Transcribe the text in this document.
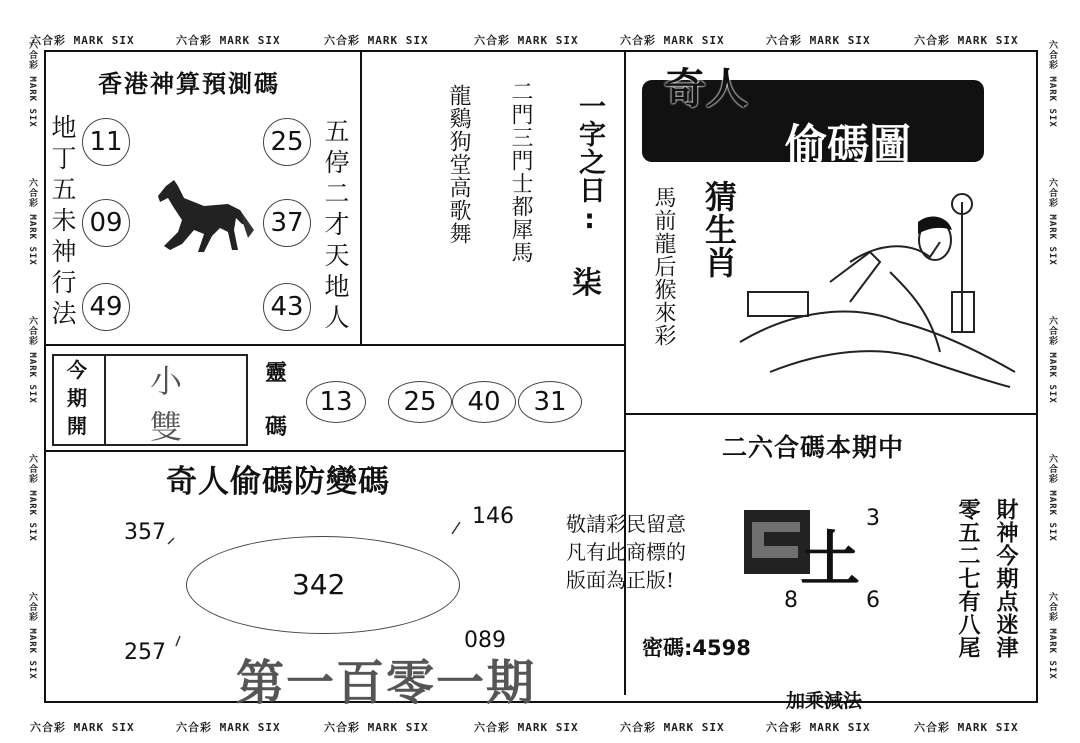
六合彩 MARK SIX	六合彩 MARK SIX	六合彩 MARK SIX	六合彩 MARK SIX	六合彩 MARK SIX	六合彩 MARK SIX	六合彩 MARK SIX
六合彩 MARK SIX	六合彩 MARK SIX	六合彩 MARK SIX	六合彩 MARK SIX	六合彩 MARK SIX	六合彩 MARK SIX	六合彩 MARK SIX
六合彩 MARK SIX
六合彩 MARK SIX
六合彩 MARK SIX
六合彩 MARK SIX
六合彩 MARK SIX
六合彩 MARK SIX
六合彩 MARK SIX
六合彩 MARK SIX
六合彩 MARK SIX
六合彩 MARK SIX
香港神算預測碼
地
丁
五
未
神
行
法
五
停
二
才
天
地
人
11
09
49
25
37
43
龍鷄狗堂高歌舞 二門三門士都犀馬 一字之日:
柒
奇人
偷碼圖
猜生肖
馬前龍后猴來彩
今
期
開
小
雙
靈
碼
13	25	40	31
奇人偷碼防變碼
357
146
342
257	089
第一百零一期
敬請彩民留意
凡有此商標的
版面為正版!
二六合碼本期中
土
3
8	6
密碼:4598
加乘減法
財神今期点迷津
零五二七有八尾
